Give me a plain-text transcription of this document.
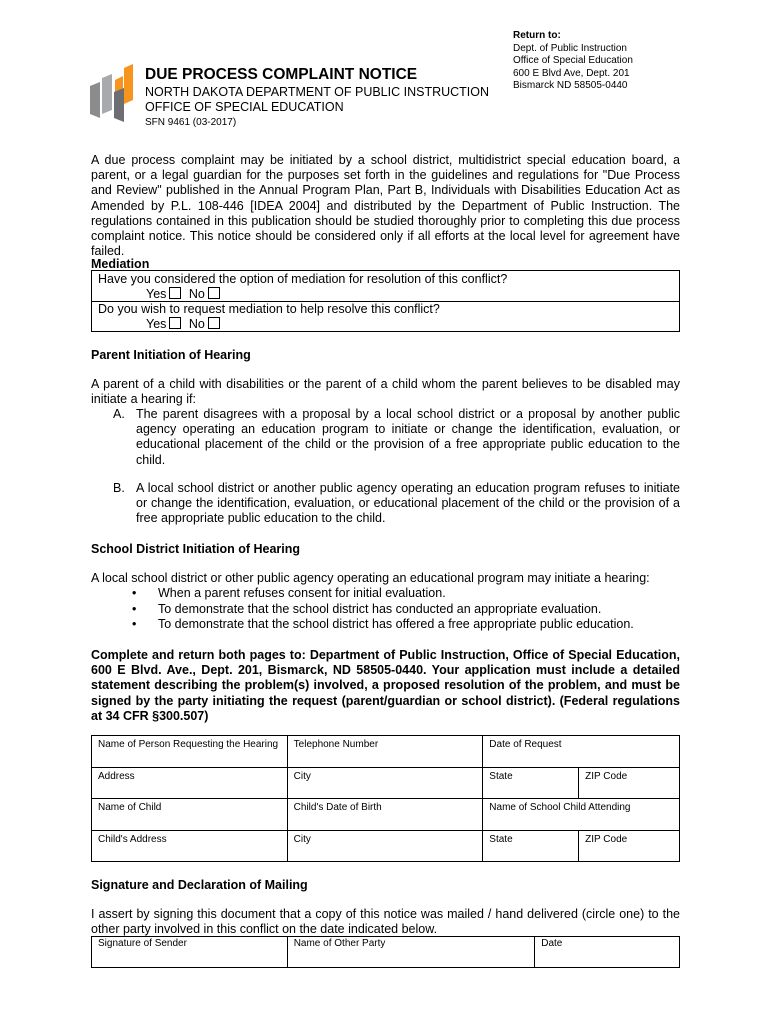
DUE PROCESS COMPLAINT NOTICE
NORTH DAKOTA DEPARTMENT OF PUBLIC INSTRUCTION
OFFICE OF SPECIAL EDUCATION
SFN 9461 (03-2017)
Return to:
Dept. of Public Instruction
Office of Special Education
600 E Blvd Ave, Dept. 201
Bismarck ND 58505-0440
A due process complaint may be initiated by a school district, multidistrict special education board, a parent, or a legal guardian for the purposes set forth in the guidelines and regulations for "Due Process and Review" published in the Annual Program Plan, Part B, Individuals with Disabilities Education Act as Amended by P.L. 108-446 [IDEA 2004] and distributed by the Department of Public Instruction. The regulations contained in this publication should be studied thoroughly prior to completing this due process complaint notice. This notice should be considered only if all efforts at the local level for agreement have failed.
Mediation
Have you considered the option of mediation for resolution of this conflict?
Yes No
Do you wish to request mediation to help resolve this conflict?
Yes No
Parent Initiation of Hearing
A parent of a child with disabilities or the parent of a child whom the parent believes to be disabled may initiate a hearing if:
A. The parent disagrees with a proposal by a local school district or a proposal by another public agency operating an education program to initiate or change the identification, evaluation, or educational placement of the child or the provision of a free appropriate public education to the child.
B. A local school district or another public agency operating an education program refuses to initiate or change the identification, evaluation, or educational placement of the child or the provision of a free appropriate public education to the child.
School District Initiation of Hearing
A local school district or other public agency operating an educational program may initiate a hearing:
• When a parent refuses consent for initial evaluation.
• To demonstrate that the school district has conducted an appropriate evaluation.
• To demonstrate that the school district has offered a free appropriate public education.
Complete and return both pages to: Department of Public Instruction, Office of Special Education, 600 E Blvd. Ave., Dept. 201, Bismarck, ND 58505-0440. Your application must include a detailed statement describing the problem(s) involved, a proposed resolution of the problem, and must be signed by the party initiating the request (parent/guardian or school district). (Federal regulations at 34 CFR §300.507)
Name of Person Requesting the Hearing	Telephone Number	Date of Request	
Address	City	State	ZIP Code
Name of Child	Child's Date of Birth	Name of School Child Attending	
Child's Address	City	State	ZIP Code
Signature and Declaration of Mailing
I assert by signing this document that a copy of this notice was mailed / hand delivered (circle one) to the other party involved in this conflict on the date indicated below.
Signature of Sender	Name of Other Party	Date
